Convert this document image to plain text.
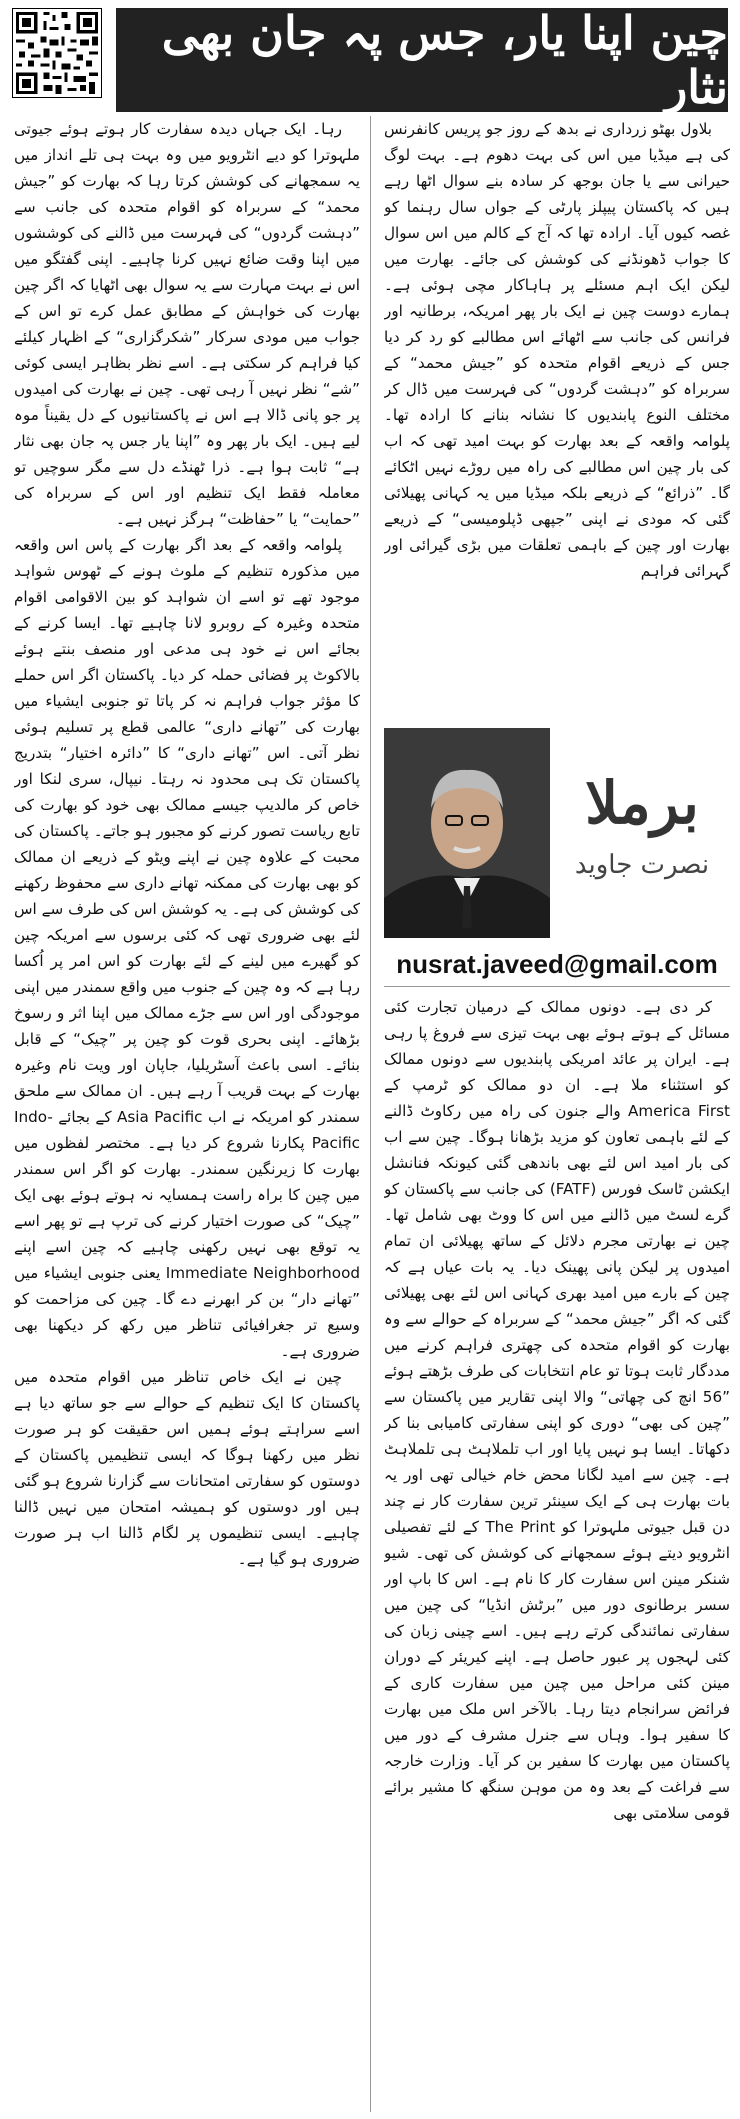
چین اپنا یار، جس پہ جان بھی نثار

بلاول بھٹو زرداری نے بدھ کے روز جو پریس کانفرنس کی ہے میڈیا میں اس کی بہت دھوم ہے۔ بہت لوگ حیرانی سے یا جان بوجھ کر سادہ بنے سوال اٹھا رہے ہیں کہ پاکستان پیپلز پارٹی کے جواں سال رہنما کو غصہ کیوں آیا۔ ارادہ تھا کہ آج کے کالم میں اس سوال کا جواب ڈھونڈنے کی کوشش کی جائے۔ بھارت میں لیکن ایک اہم مسئلے پر ہاہاکار مچی ہوئی ہے۔ ہمارے دوست چین نے ایک بار پھر امریکہ، برطانیہ اور فرانس کی جانب سے اٹھائے اس مطالبے کو رد کر دیا جس کے ذریعے اقوام متحدہ کو ”جیش محمد“ کے سربراہ کو ”دہشت گردوں“ کی فہرست میں ڈال کر مختلف النوع پابندیوں کا نشانہ بنانے کا ارادہ تھا۔ پلوامہ واقعہ کے بعد بھارت کو بہت امید تھی کہ اب کی بار چین اس مطالبے کی راہ میں روڑے نہیں اٹکائے گا۔ ”ذرائع“ کے ذریعے بلکہ میڈیا میں یہ کہانی پھیلائی گئی کہ مودی نے اپنی ”جپھی ڈپلومیسی“ کے ذریعے بھارت اور چین کے باہمی تعلقات میں بڑی گیرائی اور گہرائی فراہم

برملا
نصرت جاوید
nusrat.javeed@gmail.com

کر دی ہے۔ دونوں ممالک کے درمیان تجارت کئی مسائل کے ہوتے ہوئے بھی بہت تیزی سے فروغ پا رہی ہے۔ ایران پر عائد امریکی پابندیوں سے دونوں ممالک کو استثناء ملا ہے۔ ان دو ممالک کو ٹرمپ کے America First والے جنون کی راہ میں رکاوٹ ڈالنے کے لئے باہمی تعاون کو مزید بڑھانا ہوگا۔ چین سے اب کی بار امید اس لئے بھی باندھی گئی کیونکہ فنانشل ایکشن ٹاسک فورس (FATF) کی جانب سے پاکستان کو گرے لسٹ میں ڈالنے میں اس کا ووٹ بھی شامل تھا۔ چین نے بھارتی مجرم دلائل کے ساتھ پھیلائی ان تمام امیدوں پر لیکن پانی پھینک دیا۔ یہ بات عیاں ہے کہ چین کے بارے میں امید بھری کہانی اس لئے بھی پھیلائی گئی کہ اگر ”جیش محمد“ کے سربراہ کے حوالے سے وہ بھارت کو اقوام متحدہ کی چھتری فراہم کرنے میں مددگار ثابت ہوتا تو عام انتخابات کی طرف بڑھتے ہوئے ”56 انچ کی چھاتی“ والا اپنی تقاریر میں پاکستان سے ”چین کی بھی“ دوری کو اپنی سفارتی کامیابی بنا کر دکھاتا۔ ایسا ہو نہیں پایا اور اب تلملاہٹ ہی تلملاہٹ ہے۔ چین سے امید لگانا محض خام خیالی تھی اور یہ بات بھارت ہی کے ایک سینئر ترین سفارت کار نے چند دن قبل جیوتی ملہوترا کو The Print کے لئے تفصیلی انٹرویو دیتے ہوئے سمجھانے کی کوشش کی تھی۔ شیو شنکر مینن اس سفارت کار کا نام ہے۔ اس کا باپ اور سسر برطانوی دور میں ”برٹش انڈیا“ کی چین میں سفارتی نمائندگی کرتے رہے ہیں۔ اسے چینی زبان کی کئی لہجوں پر عبور حاصل ہے۔ اپنے کیریئر کے دوران مینن کئی مراحل میں چین میں سفارت کاری کے فرائض سرانجام دیتا رہا۔ بالآخر اس ملک میں بھارت کا سفیر ہوا۔ وہاں سے جنرل مشرف کے دور میں پاکستان میں بھارت کا سفیر بن کر آیا۔ وزارت خارجہ سے فراغت کے بعد وہ من موہن سنگھ کا مشیر برائے قومی سلامتی بھی

رہا۔ ایک جہاں دیدہ سفارت کار ہوتے ہوئے جیوتی ملہوترا کو دیے انٹرویو میں وہ بہت ہی تلے انداز میں یہ سمجھانے کی کوشش کرتا رہا کہ بھارت کو ”جیش محمد“ کے سربراہ کو اقوام متحدہ کی جانب سے ”دہشت گردوں“ کی فہرست میں ڈالنے کی کوششوں میں اپنا وقت ضائع نہیں کرنا چاہیے۔ اپنی گفتگو میں اس نے بہت مہارت سے یہ سوال بھی اٹھایا کہ اگر چین بھارت کی خواہش کے مطابق عمل کرے تو اس کے جواب میں مودی سرکار ”شکرگزاری“ کے اظہار کیلئے کیا فراہم کر سکتی ہے۔ اسے نظر بظاہر ایسی کوئی ”شے“ نظر نہیں آ رہی تھی۔ چین نے بھارت کی امیدوں پر جو پانی ڈالا ہے اس نے پاکستانیوں کے دل یقیناً موہ لیے ہیں۔ ایک بار پھر وہ ”اپنا یار جس پہ جان بھی نثار ہے“ ثابت ہوا ہے۔ ذرا ٹھنڈے دل سے مگر سوچیں تو معاملہ فقط ایک تنظیم اور اس کے سربراہ کی ”حمایت“ یا ”حفاظت“ ہرگز نہیں ہے۔

پلوامہ واقعہ کے بعد اگر بھارت کے پاس اس واقعہ میں مذکورہ تنظیم کے ملوث ہونے کے ٹھوس شواہد موجود تھے تو اسے ان شواہد کو بین الاقوامی اقوام متحدہ وغیرہ کے روبرو لانا چاہیے تھا۔ ایسا کرنے کے بجائے اس نے خود ہی مدعی اور منصف بنتے ہوئے بالاکوٹ پر فضائی حملہ کر دیا۔ پاکستان اگر اس حملے کا مؤثر جواب فراہم نہ کر پاتا تو جنوبی ایشیاء میں بھارت کی ”تھانے داری“ عالمی قطع پر تسلیم ہوئی نظر آتی۔ اس ”تھانے داری“ کا ”دائرہ اختیار“ بتدریج پاکستان تک ہی محدود نہ رہتا۔ نیپال، سری لنکا اور خاص کر مالدیپ جیسے ممالک بھی خود کو بھارت کی تابع ریاست تصور کرنے کو مجبور ہو جاتے۔ پاکستان کی محبت کے علاوہ چین نے اپنے ویٹو کے ذریعے ان ممالک کو بھی بھارت کی ممکنہ تھانے داری سے محفوظ رکھنے کی کوشش کی ہے۔ یہ کوشش اس کی طرف سے اس لئے بھی ضروری تھی کہ کئی برسوں سے امریکہ چین کو گھیرے میں لینے کے لئے بھارت کو اس امر پر اُکسا رہا ہے کہ وہ چین کے جنوب میں واقع سمندر میں اپنی موجودگی اور اس سے جڑے ممالک میں اپنا اثر و رسوخ بڑھائے۔ اپنی بحری قوت کو چین پر ”چیک“ کے قابل بنائے۔ اسی باعث آسٹریلیا، جاپان اور ویت نام وغیرہ بھارت کے بہت قریب آ رہے ہیں۔ ان ممالک سے ملحق سمندر کو امریکہ نے اب Asia Pacific کے بجائے Indo-Pacific پکارنا شروع کر دیا ہے۔ مختصر لفظوں میں بھارت کا زیرنگین سمندر۔ بھارت کو اگر اس سمندر میں چین کا براہ راست ہمسایہ نہ ہوتے ہوئے بھی ایک ”چیک“ کی صورت اختیار کرنے کی ترپ ہے تو پھر اسے یہ توقع بھی نہیں رکھنی چاہیے کہ چین اسے اپنے Immediate Neighborhood یعنی جنوبی ایشیاء میں ”تھانے دار“ بن کر ابھرنے دے گا۔ چین کی مزاحمت کو وسیع تر جغرافیائی تناظر میں رکھ کر دیکھنا بھی ضروری ہے۔

چین نے ایک خاص تناظر میں اقوام متحدہ میں پاکستان کا ایک تنظیم کے حوالے سے جو ساتھ دیا ہے اسے سراہتے ہوئے ہمیں اس حقیقت کو ہر صورت نظر میں رکھنا ہوگا کہ ایسی تنظیمیں پاکستان کے دوستوں کو سفارتی امتحانات سے گزارنا شروع ہو گئی ہیں اور دوستوں کو ہمیشہ امتحان میں نہیں ڈالنا چاہیے۔ ایسی تنظیموں پر لگام ڈالنا اب ہر صورت ضروری ہو گیا ہے۔
